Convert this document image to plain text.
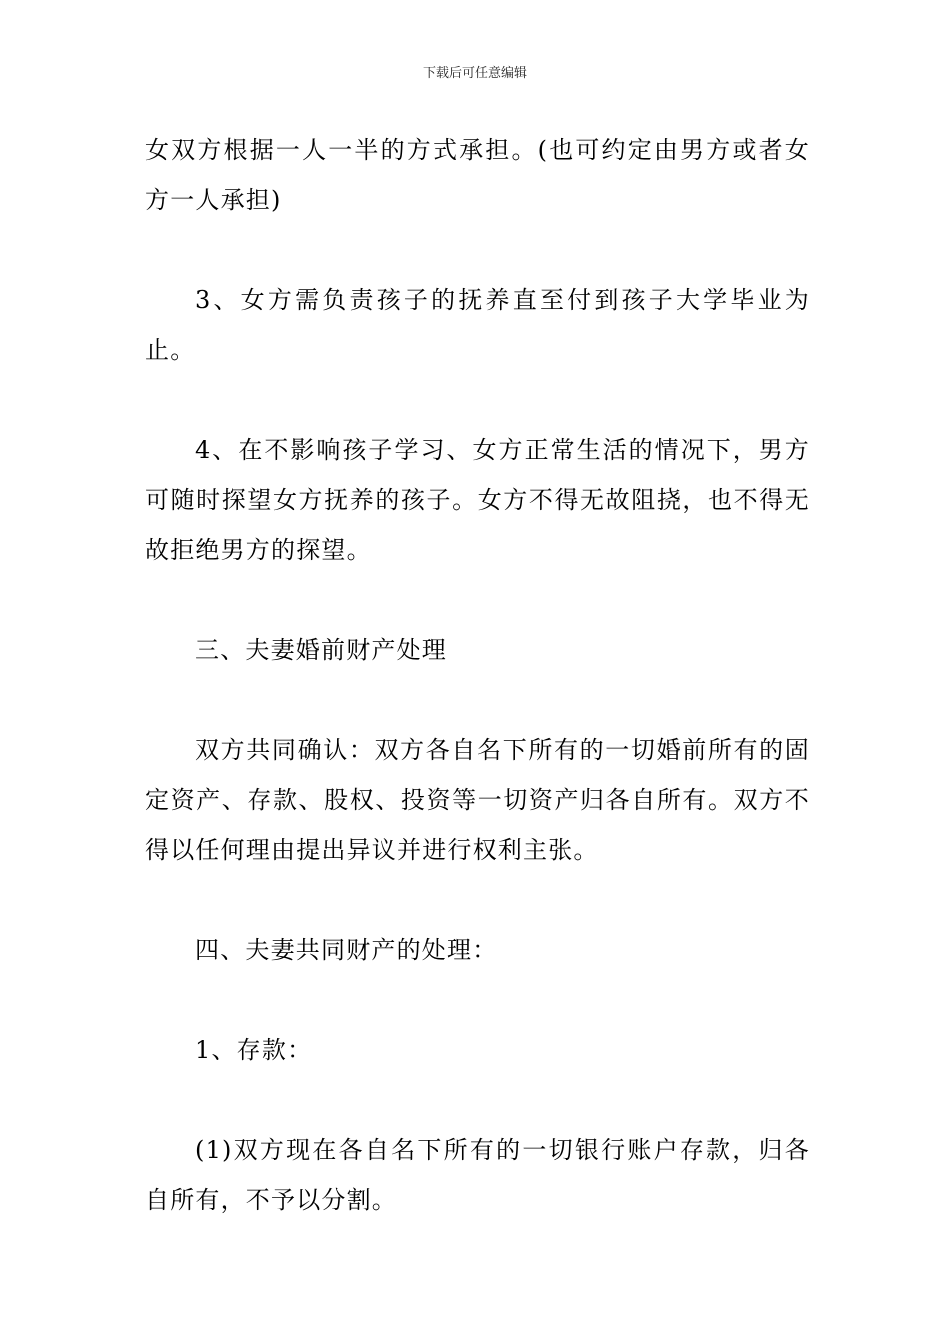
下载后可任意编辑

女双方根据一人一半的方式承担。(也可约定由男方或者女方一人承担)

3、女方需负责孩子的抚养直至付到孩子大学毕业为止。

4、在不影响孩子学习、女方正常生活的情况下，男方可随时探望女方抚养的孩子。女方不得无故阻挠，也不得无故拒绝男方的探望。

三、夫妻婚前财产处理

双方共同确认：双方各自名下所有的一切婚前所有的固定资产、存款、股权、投资等一切资产归各自所有。双方不得以任何理由提出异议并进行权利主张。

四、夫妻共同财产的处理：

1、存款：

(1)双方现在各自名下所有的一切银行账户存款，归各自所有，不予以分割。
